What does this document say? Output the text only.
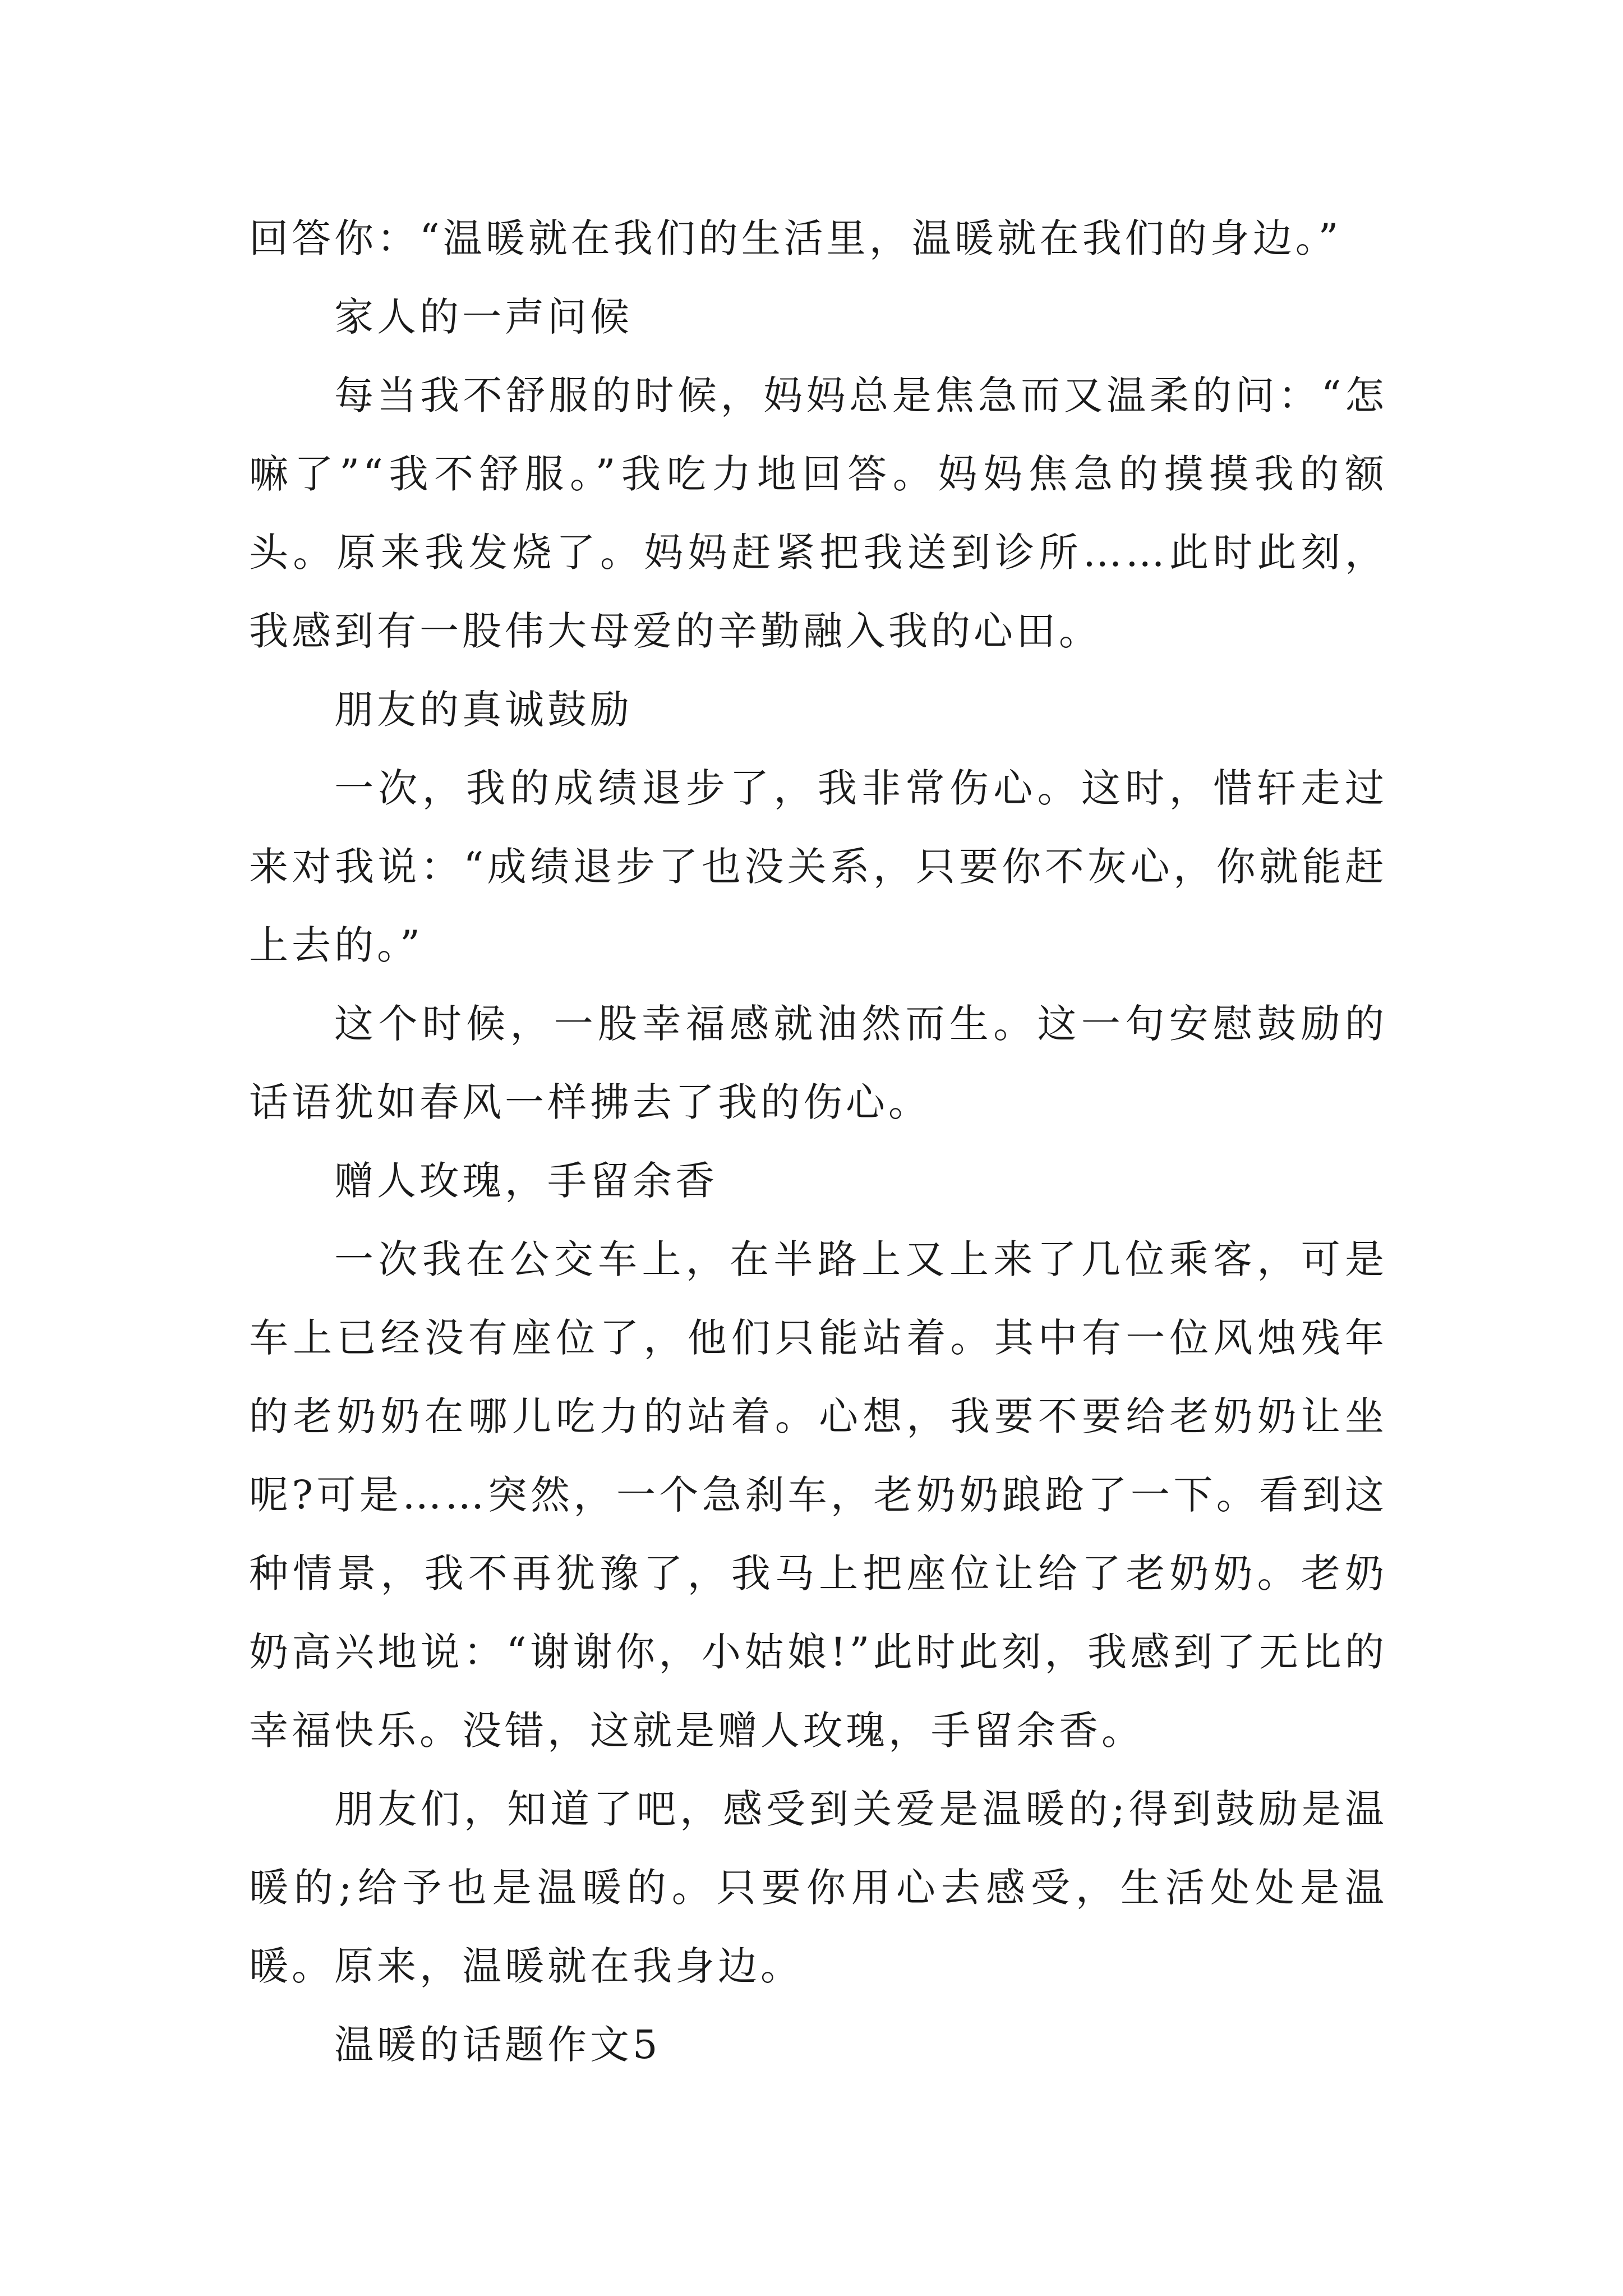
回答你：“温暖就在我们的生活里，温暖就在我们的身边。”

家人的一声问候

每当我不舒服的时候，妈妈总是焦急而又温柔的问：“怎嘛了”“我不舒服。”我吃力地回答。妈妈焦急的摸摸我的额头。原来我发烧了。妈妈赶紧把我送到诊所……此时此刻，我感到有一股伟大母爱的辛勤融入我的心田。

朋友的真诚鼓励

一次，我的成绩退步了，我非常伤心。这时，惜轩走过来对我说：“成绩退步了也没关系，只要你不灰心，你就能赶上去的。”

这个时候，一股幸福感就油然而生。这一句安慰鼓励的话语犹如春风一样拂去了我的伤心。

赠人玫瑰，手留余香

一次我在公交车上，在半路上又上来了几位乘客，可是车上已经没有座位了，他们只能站着。其中有一位风烛残年的老奶奶在哪儿吃力的站着。心想，我要不要给老奶奶让坐呢?可是……突然，一个急刹车，老奶奶踉跄了一下。看到这种情景，我不再犹豫了，我马上把座位让给了老奶奶。老奶奶高兴地说：“谢谢你，小姑娘!”此时此刻，我感到了无比的幸福快乐。没错，这就是赠人玫瑰，手留余香。

朋友们，知道了吧，感受到关爱是温暖的;得到鼓励是温暖的;给予也是温暖的。只要你用心去感受，生活处处是温暖。原来，温暖就在我身边。

温暖的话题作文5
